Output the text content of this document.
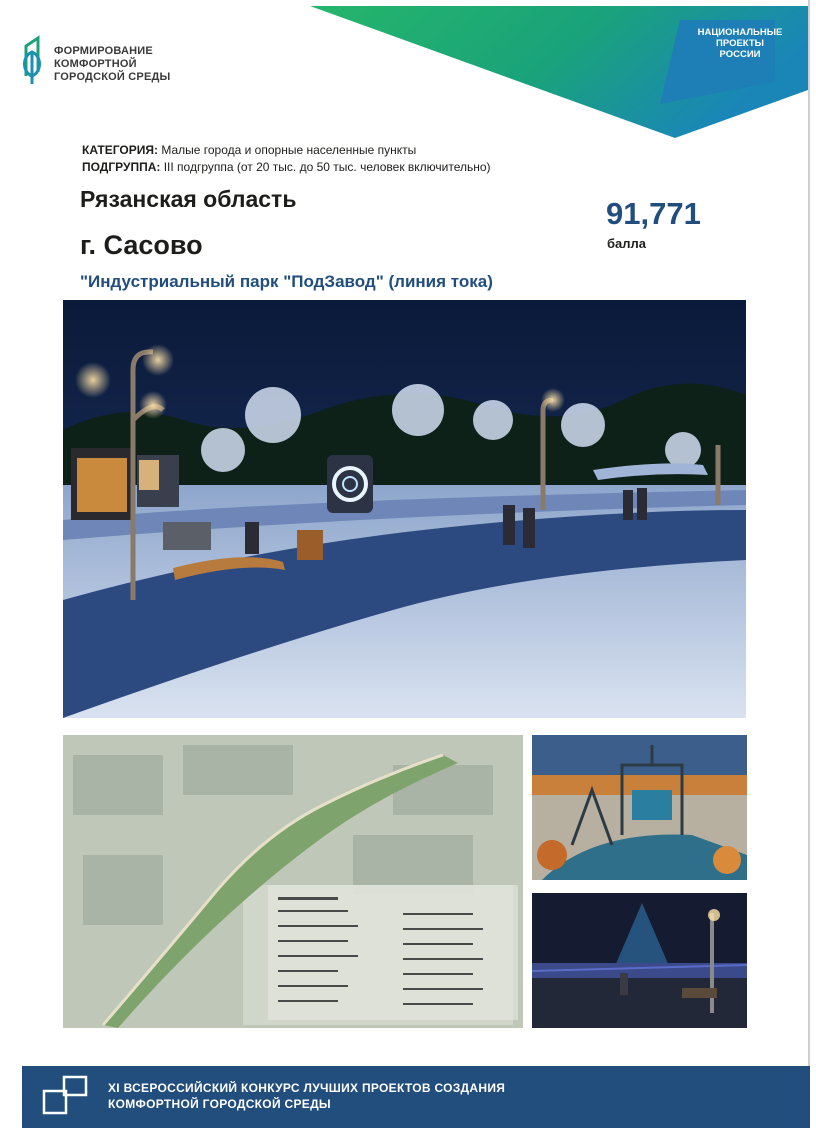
ФОРМИРОВАНИЕ
КОМФОРТНОЙ
ГОРОДСКОЙ СРЕДЫ
НАЦИОНАЛЬНЫЕ
ПРОЕКТЫ
РОССИИ
КАТЕГОРИЯ: Малые города и опорные населенные пункты
ПОДГРУППА: III подгруппа (от 20 тыс. до 50 тыс. человек включительно)
Рязанская область
г. Сасово
"Индустриальный парк "ПодЗавод" (линия тока)
91,771
балла
XI ВСЕРОССИЙСКИЙ КОНКУРС ЛУЧШИХ ПРОЕКТОВ СОЗДАНИЯ
КОМФОРТНОЙ ГОРОДСКОЙ СРЕДЫ
